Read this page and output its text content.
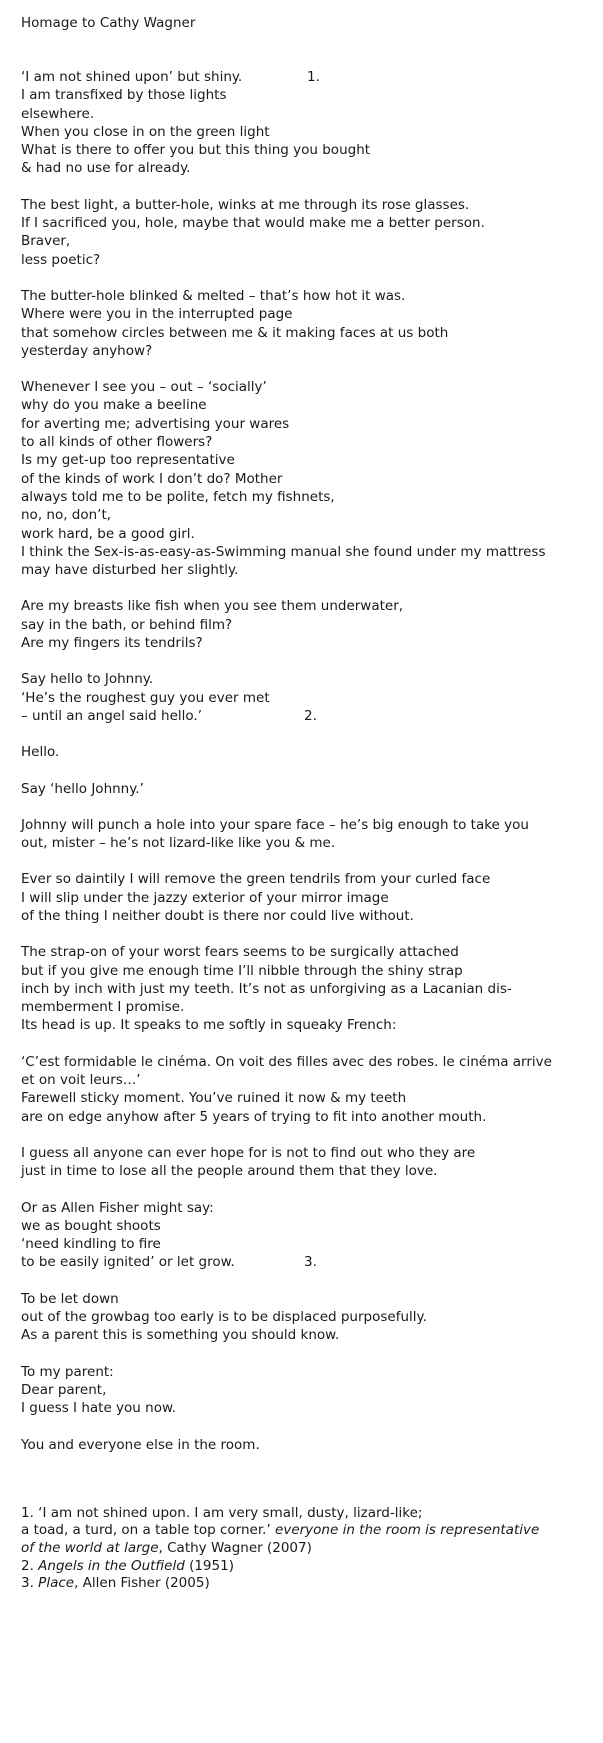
Homage to Cathy Wagner
‘I am not shined upon’ but shiny.	1.
I am transfixed by those lights
elsewhere.
When you close in on the green light
What is there to offer you but this thing you bought
& had no use for already.
The best light, a butter-hole, winks at me through its rose glasses.
If I sacrificed you, hole, maybe that would make me a better person.
Braver,
less poetic?
The butter-hole blinked & melted – that’s how hot it was.
Where were you in the interrupted page
that somehow circles between me & it making faces at us both
yesterday anyhow?
Whenever I see you – out – ‘socially’
why do you make a beeline
for averting me; advertising your wares
to all kinds of other flowers?
Is my get-up too representative
of the kinds of work I don’t do? Mother
always told me to be polite, fetch my fishnets,
no, no, don’t,
work hard, be a good girl.
I think the Sex-is-as-easy-as-Swimming manual she found under my mattress
may have disturbed her slightly.
Are my breasts like fish when you see them underwater,
say in the bath, or behind film?
Are my fingers its tendrils?
Say hello to Johnny.
‘He’s the roughest guy you ever met
– until an angel said hello.’	2.
Hello.
Say ‘hello Johnny.’
Johnny will punch a hole into your spare face – he’s big enough to take you
out, mister – he’s not lizard-like like you & me.
Ever so daintily I will remove the green tendrils from your curled face
I will slip under the jazzy exterior of your mirror image
of the thing I neither doubt is there nor could live without.
The strap-on of your worst fears seems to be surgically attached
but if you give me enough time I’ll nibble through the shiny strap
inch by inch with just my teeth. It’s not as unforgiving as a Lacanian dis-
memberment I promise.
Its head is up. It speaks to me softly in squeaky French:
‘C’est formidable le cinéma. On voit des filles avec des robes. le cinéma arrive
et on voit leurs…’
Farewell sticky moment. You’ve ruined it now & my teeth
are on edge anyhow after 5 years of trying to fit into another mouth.
I guess all anyone can ever hope for is not to find out who they are
just in time to lose all the people around them that they love.
Or as Allen Fisher might say:
we as bought shoots
‘need kindling to fire
to be easily ignited’ or let grow.	3.
To be let down
out of the growbag too early is to be displaced purposefully.
As a parent this is something you should know.
To my parent:
Dear parent,
I guess I hate you now.
You and everyone else in the room.
1. ‘I am not shined upon. I am very small, dusty, lizard-like;
a toad, a turd, on a table top corner.’ everyone in the room is representative
of the world at large, Cathy Wagner (2007)
2. Angels in the Outfield (1951)
3. Place, Allen Fisher (2005)
